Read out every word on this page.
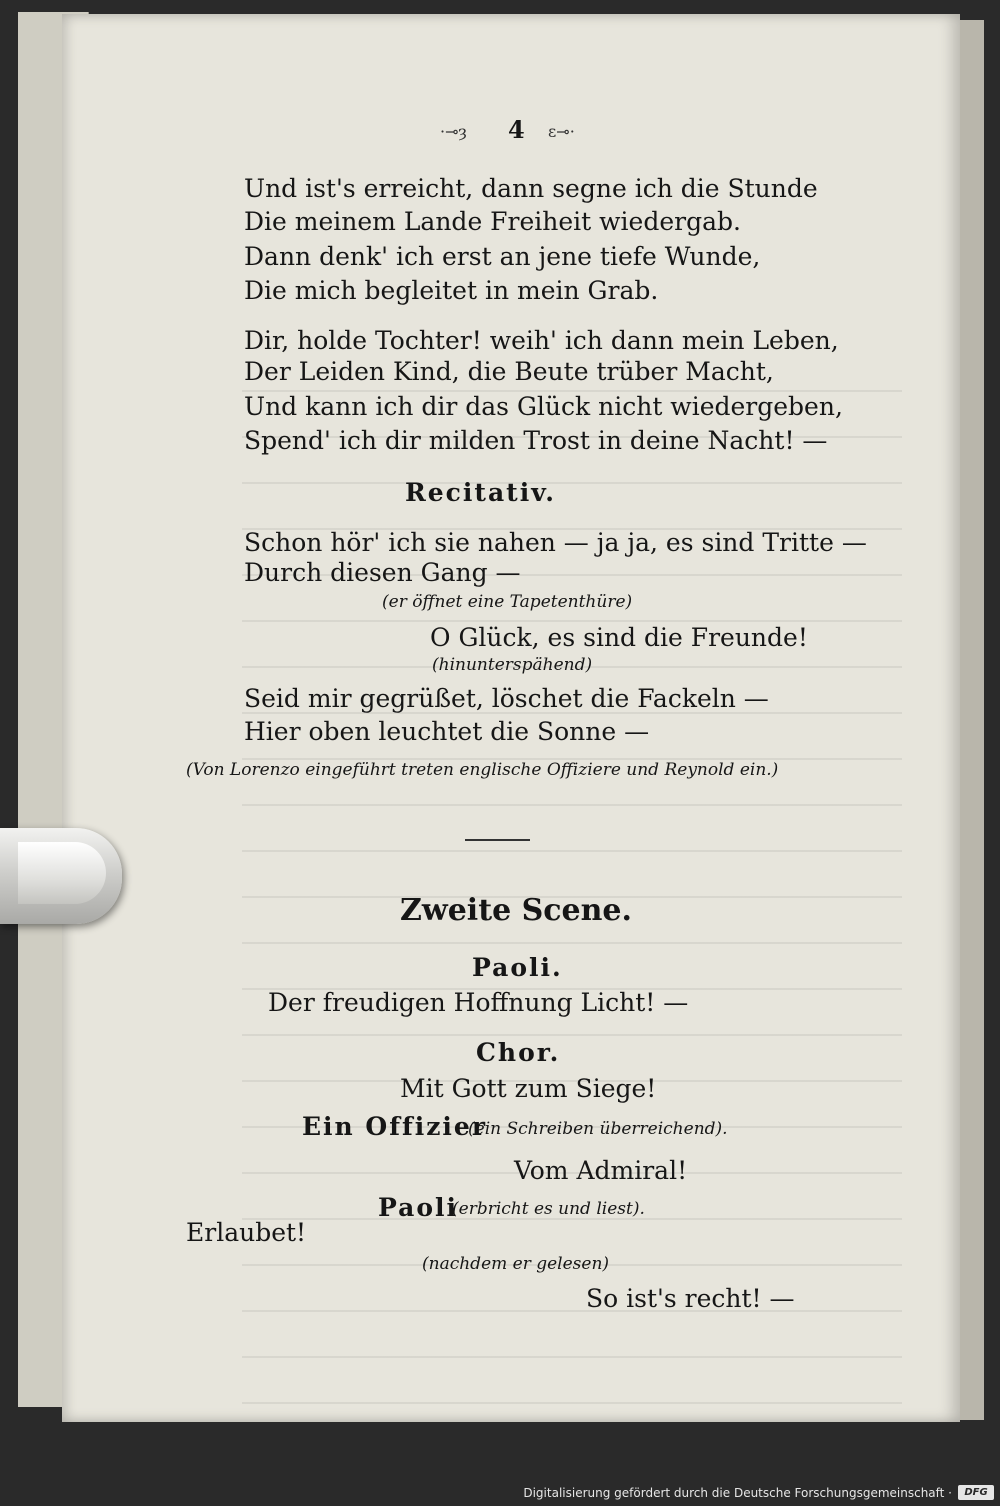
·⊸ȝ 4 ɛ⊸·
Und ist's erreicht, dann segne ich die Stunde
Die meinem Lande Freiheit wiedergab.
Dann denk' ich erst an jene tiefe Wunde,
Die mich begleitet in mein Grab.
Dir, holde Tochter! weih' ich dann mein Leben,
Der Leiden Kind, die Beute trüber Macht,
Und kann ich dir das Glück nicht wiedergeben,
Spend' ich dir milden Trost in deine Nacht! —
Recitativ.
Schon hör' ich sie nahen — ja ja, es sind Tritte —
Durch diesen Gang —
(er öffnet eine Tapetenthüre)
O Glück, es sind die Freunde!
(hinunterspähend)
Seid mir gegrüßet, löschet die Fackeln —
Hier oben leuchtet die Sonne —
(Von Lorenzo eingeführt treten englische Offiziere und Reynold ein.)
Zweite Scene.
Paoli.
Der freudigen Hoffnung Licht! —
Chor.
Mit Gott zum Siege!
Ein Offizier
(ein Schreiben überreichend).
Vom Admiral!
Paoli
(erbricht es und liest).
Erlaubet!
(nachdem er gelesen)
So ist's recht! —
Digitalisierung gefördert durch die Deutsche Forschungsgemeinschaft ·	DFG
